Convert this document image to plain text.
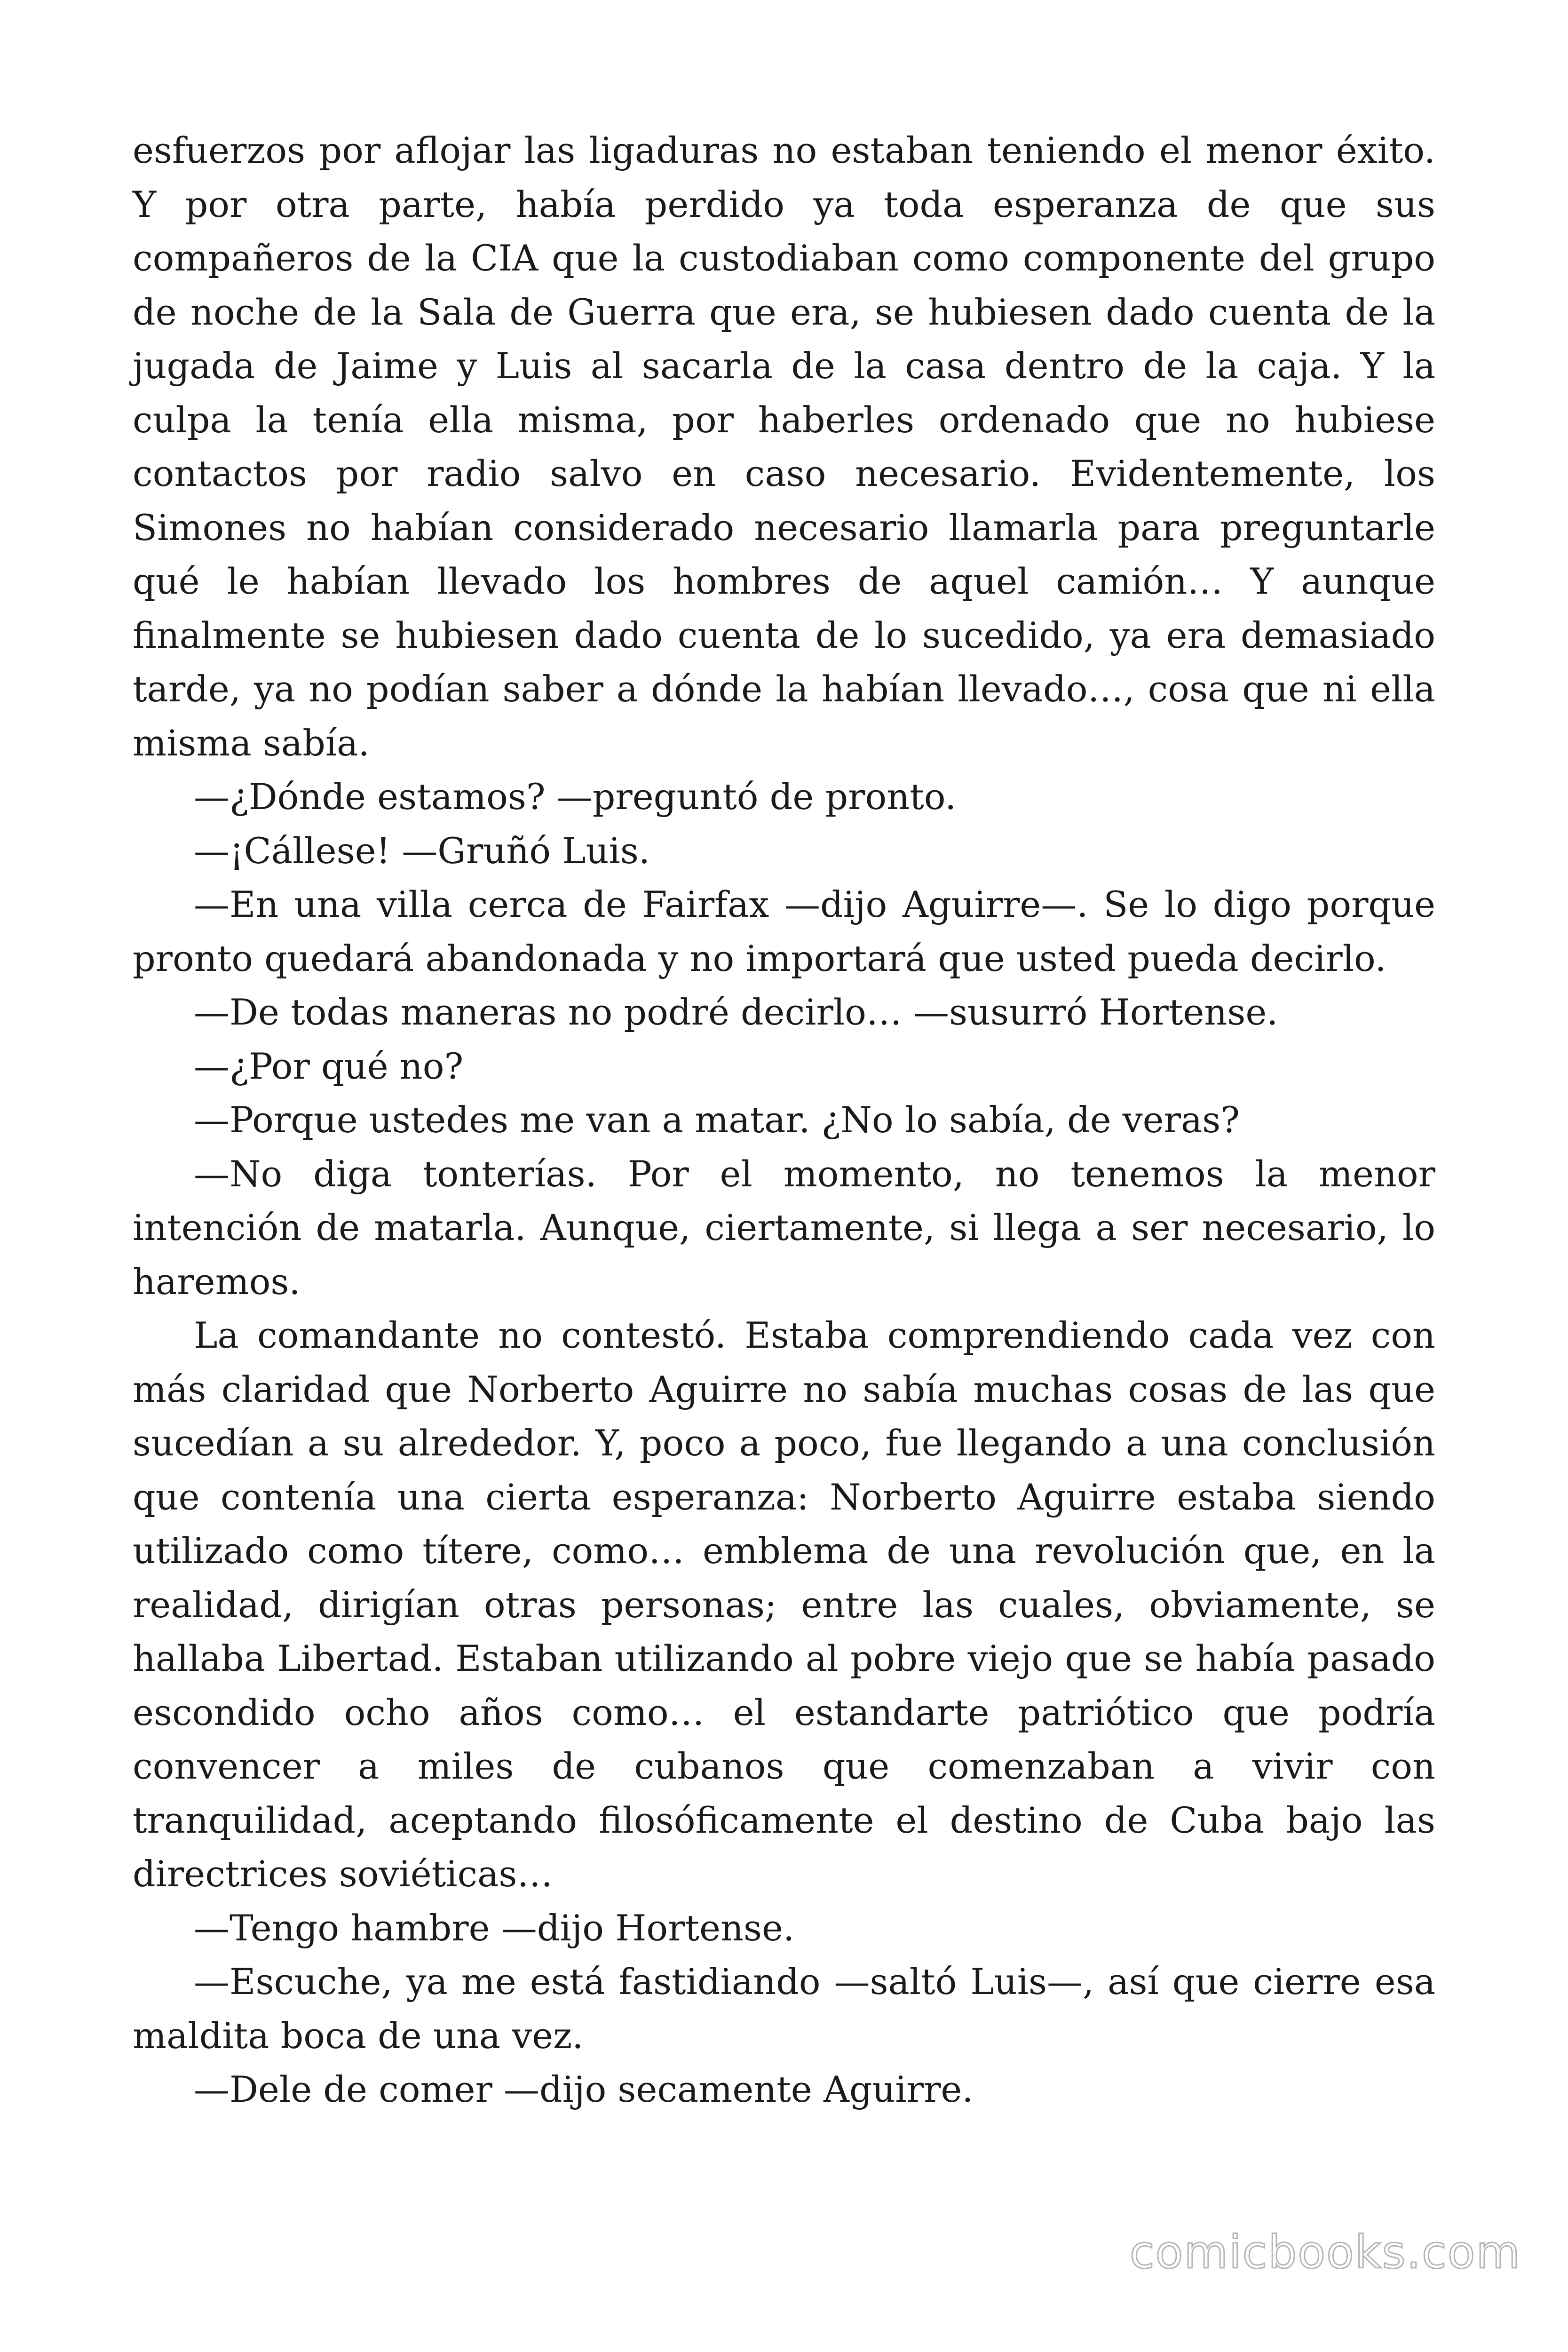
esfuerzos por aflojar las ligaduras no estaban teniendo el menor éxito. Y por otra parte, había perdido ya toda esperanza de que sus compañeros de la CIA que la custodiaban como componente del grupo de noche de la Sala de Guerra que era, se hubiesen dado cuenta de la jugada de Jaime y Luis al sacarla de la casa dentro de la caja. Y la culpa la tenía ella misma, por haberles ordenado que no hubiese contactos por radio salvo en caso necesario. Evidentemente, los Simones no habían considerado necesario llamarla para preguntarle qué le habían llevado los hombres de aquel camión… Y aunque finalmente se hubiesen dado cuenta de lo sucedido, ya era demasiado tarde, ya no podían saber a dónde la habían llevado…, cosa que ni ella misma sabía.

—¿Dónde estamos? —preguntó de pronto.

—¡Cállese! —Gruñó Luis.

—En una villa cerca de Fairfax —dijo Aguirre—. Se lo digo porque pronto quedará abandonada y no importará que usted pueda decirlo.

—De todas maneras no podré decirlo… —susurró Hortense.

—¿Por qué no?

—Porque ustedes me van a matar. ¿No lo sabía, de veras?

—No diga tonterías. Por el momento, no tenemos la menor intención de matarla. Aunque, ciertamente, si llega a ser necesario, lo haremos.

La comandante no contestó. Estaba comprendiendo cada vez con más claridad que Norberto Aguirre no sabía muchas cosas de las que sucedían a su alrededor. Y, poco a poco, fue llegando a una conclusión que contenía una cierta esperanza: Norberto Aguirre estaba siendo utilizado como títere, como… emblema de una revolución que, en la realidad, dirigían otras personas; entre las cuales, obviamente, se hallaba Libertad. Estaban utilizando al pobre viejo que se había pasado escondido ocho años como… el estandarte patriótico que podría convencer a miles de cubanos que comenzaban a vivir con tranquilidad, aceptando filosóficamente el destino de Cuba bajo las directrices soviéticas…

—Tengo hambre —dijo Hortense.

—Escuche, ya me está fastidiando —saltó Luis—, así que cierre esa maldita boca de una vez.

—Dele de comer —dijo secamente Aguirre.

comicbooks.com
